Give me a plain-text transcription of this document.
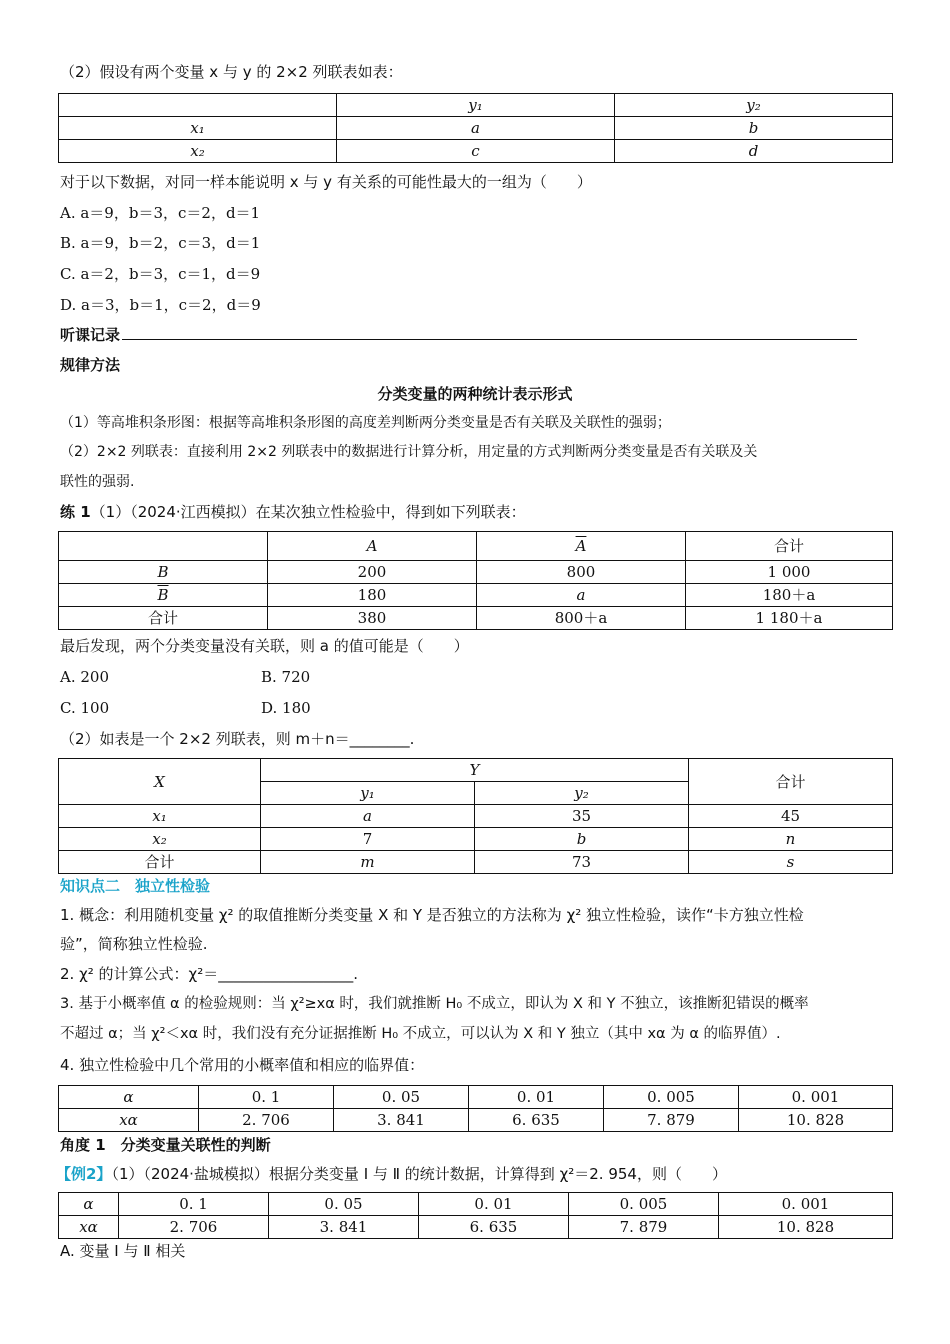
（2）假设有两个变量 x 与 y 的 2×2 列联表如表：
	y₁	y₂
x₁	a	b
x₂	c	d
对于以下数据，对同一样本能说明 x 与 y 有关系的可能性最大的一组为（　　）
A. a＝9，b＝3，c＝2，d＝1
B. a＝9，b＝2，c＝3，d＝1
C. a＝2，b＝3，c＝1，d＝9
D. a＝3，b＝1，c＝2，d＝9
听课记录
规律方法
分类变量的两种统计表示形式
（1）等高堆积条形图：根据等高堆积条形图的高度差判断两分类变量是否有关联及关联性的强弱；
（2）2×2 列联表：直接利用 2×2 列联表中的数据进行计算分析，用定量的方式判断两分类变量是否有关联及关
联性的强弱.
练 1（1）（2024·江西模拟）在某次独立性检验中，得到如下列联表：
	A	$\overline{A}$	合计
B	200	800	1 000
$\overline{B}$	180	a	180＋a
合计	380	800＋a	1 180＋a
最后发现，两个分类变量没有关联，则 a 的值可能是（　　）
A. 200	B. 720
C. 100	D. 180
（2）如表是一个 2×2 列联表，则 m＋n＝________.
X	Y		合计
	y₁	y₂	
x₁	a	35	45
x₂	7	b	n
合计	m	73	s
知识点二　独立性检验
1. 概念：利用随机变量 χ² 的取值推断分类变量 X 和 Y 是否独立的方法称为 χ² 独立性检验，读作“卡方独立性检
验”，简称独立性检验.
2. χ² 的计算公式：χ²＝__________________.
3. 基于小概率值 α 的检验规则：当 χ²≥xα 时，我们就推断 H₀ 不成立，即认为 X 和 Y 不独立，该推断犯错误的概率
不超过 α；当 χ²＜xα 时，我们没有充分证据推断 H₀ 不成立，可以认为 X 和 Y 独立（其中 xα 为 α 的临界值）.
4. 独立性检验中几个常用的小概率值和相应的临界值：
α	0. 1	0. 05	0. 01	0. 005	0. 001
xα	2. 706	3. 841	6. 635	7. 879	10. 828
角度 1　分类变量关联性的判断
【例2】（1）（2024·盐城模拟）根据分类变量 Ⅰ 与 Ⅱ 的统计数据，计算得到 χ²＝2. 954，则（　　）
α	0. 1	0. 05	0. 01	0. 005	0. 001
xα	2. 706	3. 841	6. 635	7. 879	10. 828
A. 变量 Ⅰ 与 Ⅱ 相关
